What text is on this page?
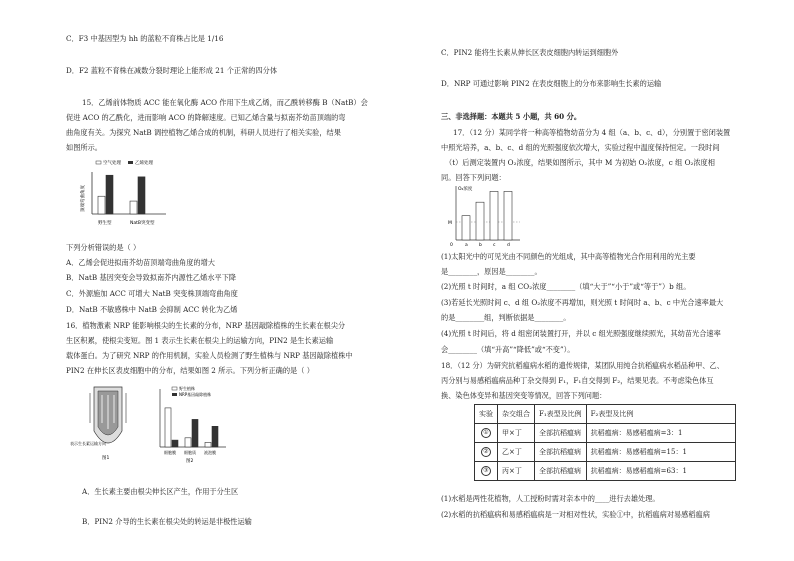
C．F3 中基因型为 hh 的蓝粒不育株占比是 1/16
D．F2 蓝粒不育株在减数分裂时理论上能形成 21 个正常的四分体
15．乙烯前体物质 ACC 能在氧化酶 ACO 作用下生成乙烯，而乙酰转移酶 B（NatB）会
促进 ACO 的乙酰化，进而影响 ACO 的降解速度。已知乙烯含量与拟南芥幼苗顶端的弯
曲角度有关。为探究 NatB 调控植物乙烯合成的机制，科研人员进行了相关实验，结果
如图所示。
空气处理	乙烯处理
顶端弯曲角度
野生型	NatB突变型
下列分析错误的是（ ）
A．乙烯会促进拟南芥幼苗顶端弯曲角度的增大
B．NatB 基因突变会导致拟南芥内源性乙烯水平下降
C．外源施加 ACC 可增大 NatB 突变株顶端弯曲角度
D．NatB 不敏感株中 NatB 会抑制 ACC 转化为乙烯
16．植物激素 NRP 能影响根尖的生长素的分布，NRP 基因敲除植株的生长素在根尖分
生区积累，使根尖变短。图 1 表示生长素在根尖上的运输方向，PIN2 是生长素运输
载体蛋白。为了研究 NRP 的作用机制，实验人员检测了野生植株与 NRP 基因敲除植株中
PIN2 在伸长区表皮细胞中的分布，结果如图 2 所示。下列分析正确的是（ ）
表示生长素运输方向
图1
野生植株
NRP基因敲除植株
细胞膜 细胞质 液泡膜
图2
A．生长素主要由根尖伸长区产生，作用于分生区
B．PIN2 介导的生长素在根尖处的转运是非极性运输
C．PIN2 能将生长素从伸长区表皮细胞内转运到细胞外
D．NRP 可通过影响 PIN2 在表皮细胞上的分布来影响生长素的运输
三、非选择题：本题共 5 小题，共 60 分。
17．（12 分）某同学将一种高等植物幼苗分为 4 组（a、b、c、d），分别置于密闭装置
中照光培养，a、b、c、d 组的光照强度依次增大，实验过程中温度保持恒定。一段时间
（t）后测定装置内 O₂浓度，结果如图所示，其中 M 为初始 O₂浓度，c 组 O₂浓度相
同。回答下列问题：
O₂浓度
M
0	a b c	d
(1)太阳光中的可见光由不同颜色的光组成，其中高等植物光合作用利用的光主要
是________，原因是________。
(2)光照 t 时间时，a 组 CO₂浓度________（填“大于”“小于”或“等于”）b 组。
(3)若延长光照时间 c、d 组 O₂浓度不再增加，则光照 t 时间时 a、b、c 中光合速率最大
的是________组，判断依据是________。
(4)光照 t 时间后，将 d 组密闭装置打开，并以 c 组光照强度继续照光，其幼苗光合速率
会________（填“升高”“降低”或“不变”）。
18．（12 分）为研究抗稻瘟病水稻的遗传规律，某团队用纯合抗稻瘟病水稻品种甲、乙、
丙分别与易感稻瘟病品种丁杂交得到 F₁，F₁自交得到 F₂，结果见表。不考虑染色体互
换、染色体变异和基因突变等情况，回答下列问题：
实验	杂交组合	F₁表型及比例	F₂表型及比例
①	甲×丁	全部抗稻瘟病	抗稻瘟病：易感稻瘟病=3：1
②	乙×丁	全部抗稻瘟病	抗稻瘟病：易感稻瘟病=15：1
③	丙×丁	全部抗稻瘟病	抗稻瘟病：易感稻瘟病=63：1
(1)水稻是两性花植物，人工授粉时需对亲本中的____进行去雄处理。
(2)水稻的抗稻瘟病和易感稻瘟病是一对相对性状，实验①中，抗稻瘟病对易感稻瘟病
